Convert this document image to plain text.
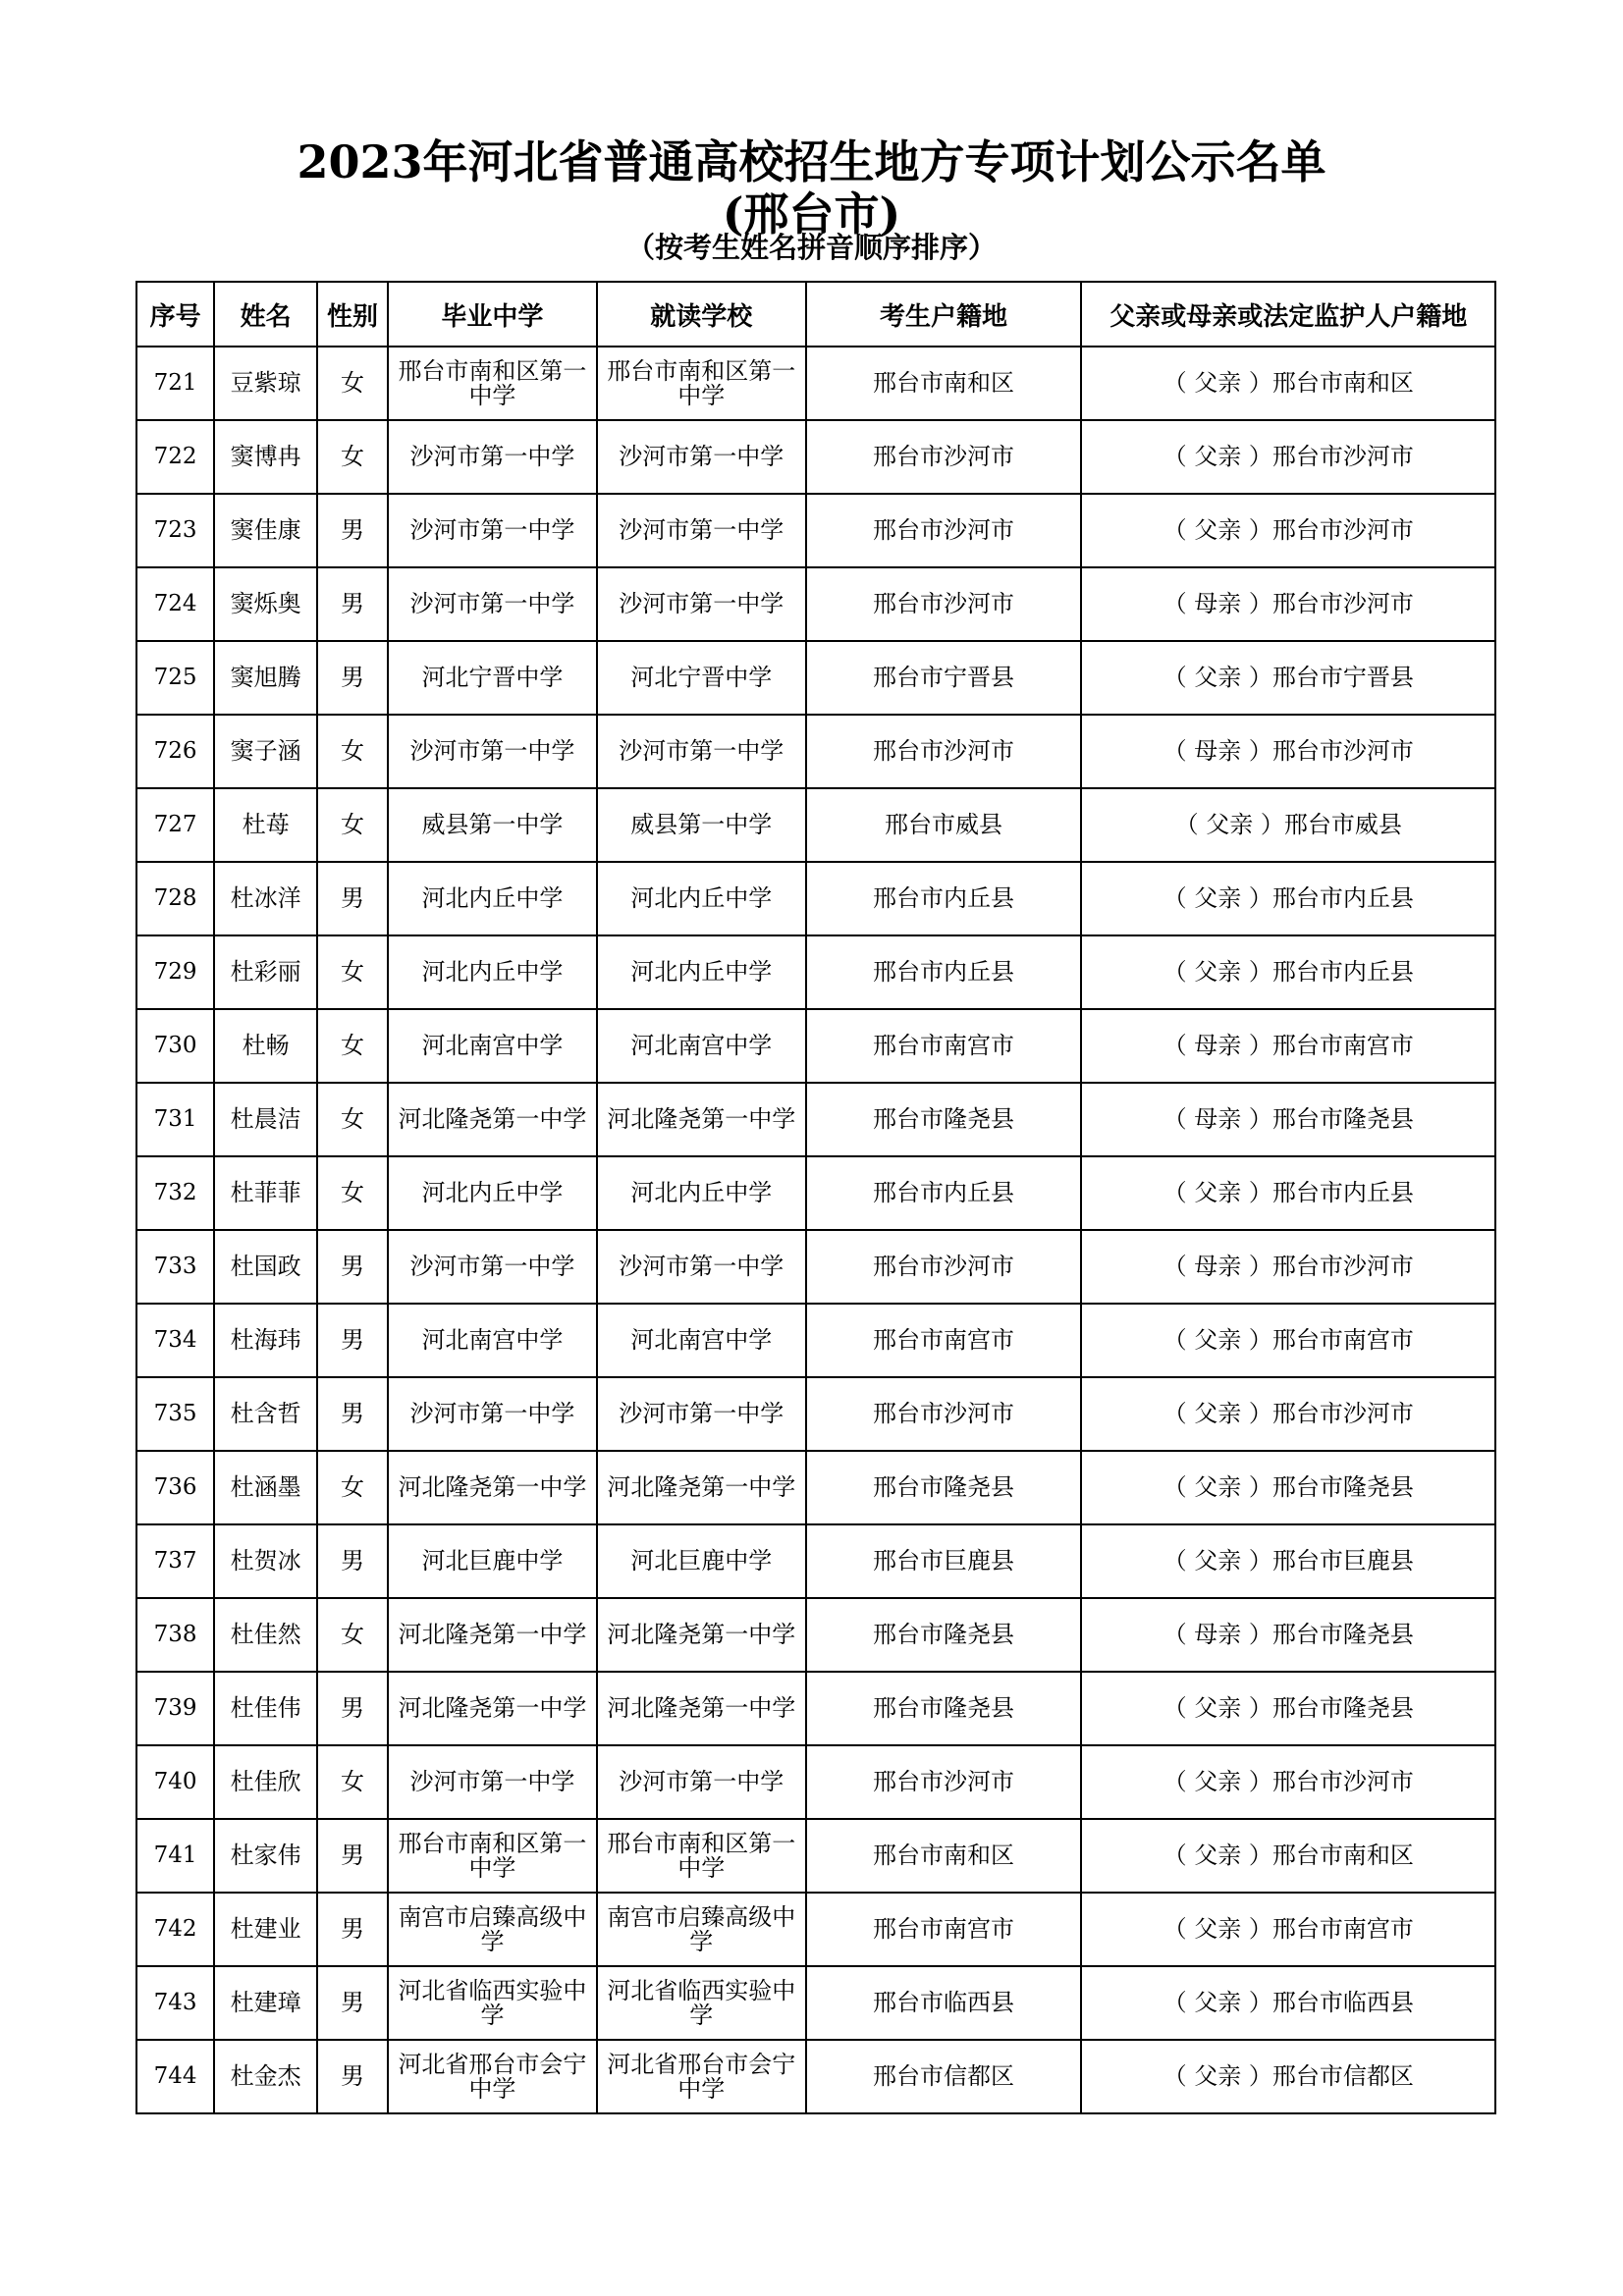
2023年河北省普通高校招生地方专项计划公示名单
(邢台市)
（按考生姓名拼音顺序排序）
序号	姓名	性别	毕业中学	就读学校	考生户籍地	父亲或母亲或法定监护人户籍地
721	豆紫琼	女	邢台市南和区第一中学	邢台市南和区第一中学	邢台市南和区	（ 父亲 ）邢台市南和区
722	窦博冉	女	沙河市第一中学	沙河市第一中学	邢台市沙河市	（ 父亲 ）邢台市沙河市
723	窦佳康	男	沙河市第一中学	沙河市第一中学	邢台市沙河市	（ 父亲 ）邢台市沙河市
724	窦烁奥	男	沙河市第一中学	沙河市第一中学	邢台市沙河市	（ 母亲 ）邢台市沙河市
725	窦旭腾	男	河北宁晋中学	河北宁晋中学	邢台市宁晋县	（ 父亲 ）邢台市宁晋县
726	窦子涵	女	沙河市第一中学	沙河市第一中学	邢台市沙河市	（ 母亲 ）邢台市沙河市
727	杜苺	女	威县第一中学	威县第一中学	邢台市威县	（ 父亲 ）邢台市威县
728	杜冰洋	男	河北内丘中学	河北内丘中学	邢台市内丘县	（ 父亲 ）邢台市内丘县
729	杜彩丽	女	河北内丘中学	河北内丘中学	邢台市内丘县	（ 父亲 ）邢台市内丘县
730	杜畅	女	河北南宫中学	河北南宫中学	邢台市南宫市	（ 母亲 ）邢台市南宫市
731	杜晨洁	女	河北隆尧第一中学	河北隆尧第一中学	邢台市隆尧县	（ 母亲 ）邢台市隆尧县
732	杜菲菲	女	河北内丘中学	河北内丘中学	邢台市内丘县	（ 父亲 ）邢台市内丘县
733	杜国政	男	沙河市第一中学	沙河市第一中学	邢台市沙河市	（ 母亲 ）邢台市沙河市
734	杜海玮	男	河北南宫中学	河北南宫中学	邢台市南宫市	（ 父亲 ）邢台市南宫市
735	杜含哲	男	沙河市第一中学	沙河市第一中学	邢台市沙河市	（ 父亲 ）邢台市沙河市
736	杜涵墨	女	河北隆尧第一中学	河北隆尧第一中学	邢台市隆尧县	（ 父亲 ）邢台市隆尧县
737	杜贺冰	男	河北巨鹿中学	河北巨鹿中学	邢台市巨鹿县	（ 父亲 ）邢台市巨鹿县
738	杜佳然	女	河北隆尧第一中学	河北隆尧第一中学	邢台市隆尧县	（ 母亲 ）邢台市隆尧县
739	杜佳伟	男	河北隆尧第一中学	河北隆尧第一中学	邢台市隆尧县	（ 父亲 ）邢台市隆尧县
740	杜佳欣	女	沙河市第一中学	沙河市第一中学	邢台市沙河市	（ 父亲 ）邢台市沙河市
741	杜家伟	男	邢台市南和区第一中学	邢台市南和区第一中学	邢台市南和区	（ 父亲 ）邢台市南和区
742	杜建业	男	南宫市启臻高级中学	南宫市启臻高级中学	邢台市南宫市	（ 父亲 ）邢台市南宫市
743	杜建璋	男	河北省临西实验中学	河北省临西实验中学	邢台市临西县	（ 父亲 ）邢台市临西县
744	杜金杰	男	河北省邢台市会宁中学	河北省邢台市会宁中学	邢台市信都区	（ 父亲 ）邢台市信都区
